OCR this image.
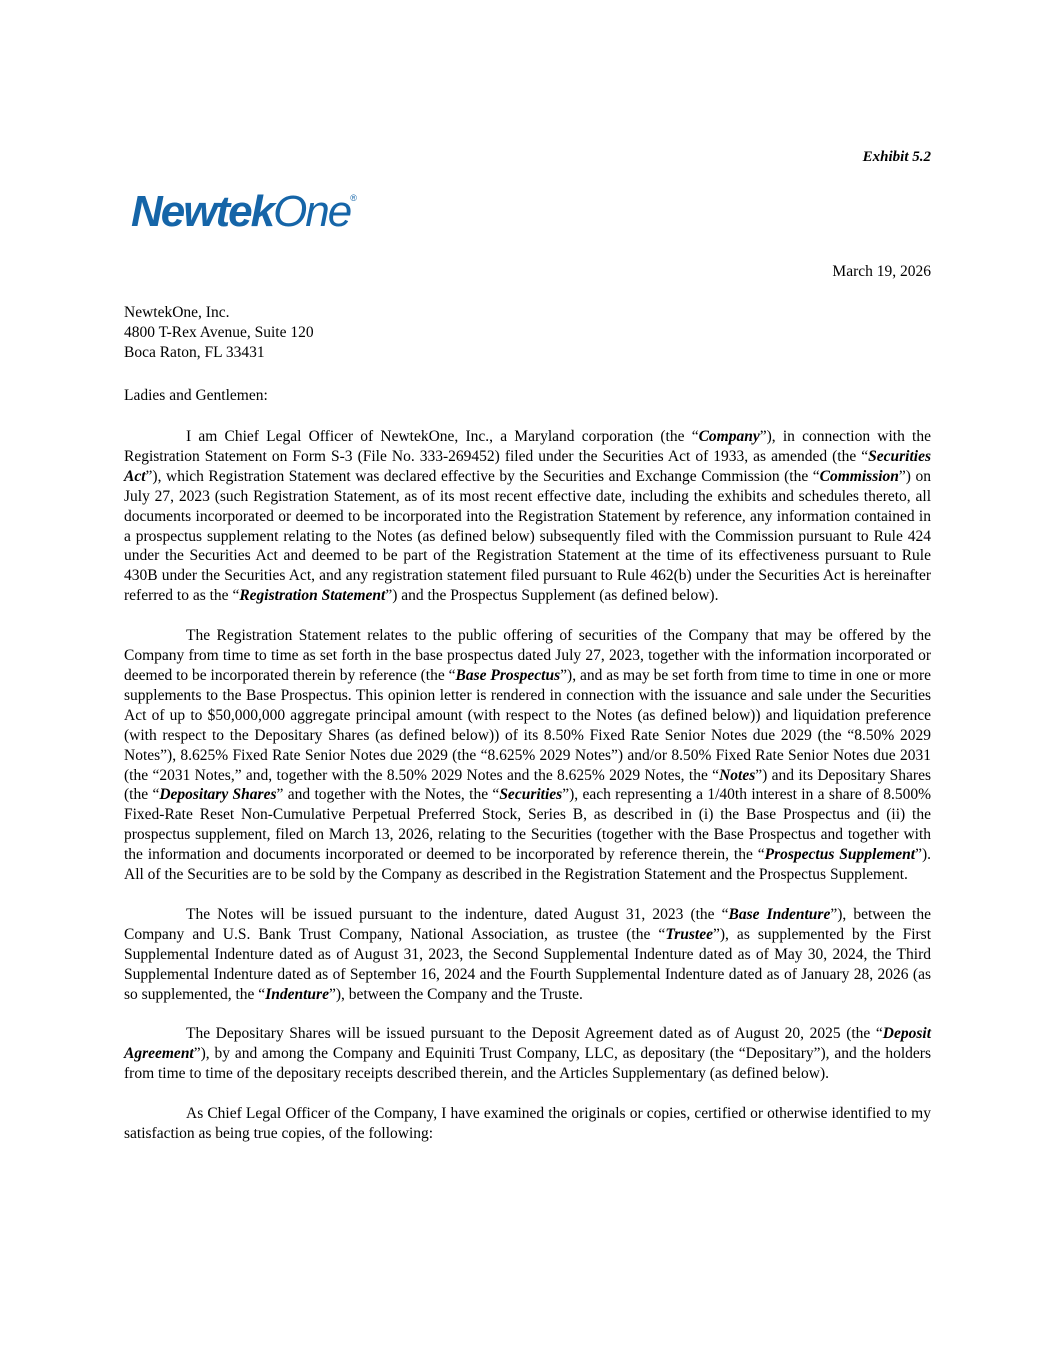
Exhibit 5.2
NewtekOne®
March 19, 2026
NewtekOne, Inc.
4800 T-Rex Avenue, Suite 120
Boca Raton, FL 33431
Ladies and Gentlemen:

I am Chief Legal Officer of NewtekOne, Inc., a Maryland corporation (the “Company”), in connection with the Registration Statement on Form S-3 (File No. 333-269452) filed under the Securities Act of 1933, as amended (the “Securities Act”), which Registration Statement was declared effective by the Securities and Exchange Commission (the “Commission”) on July 27, 2023 (such Registration Statement, as of its most recent effective date, including the exhibits and schedules thereto, all documents incorporated or deemed to be incorporated into the Registration Statement by reference, any information contained in a prospectus supplement relating to the Notes (as defined below) subsequently filed with the Commission pursuant to Rule 424 under the Securities Act and deemed to be part of the Registration Statement at the time of its effectiveness pursuant to Rule 430B under the Securities Act, and any registration statement filed pursuant to Rule 462(b) under the Securities Act is hereinafter referred to as the “Registration Statement”) and the Prospectus Supplement (as defined below).

The Registration Statement relates to the public offering of securities of the Company that may be offered by the Company from time to time as set forth in the base prospectus dated July 27, 2023, together with the information incorporated or deemed to be incorporated therein by reference (the “Base Prospectus”), and as may be set forth from time to time in one or more supplements to the Base Prospectus. This opinion letter is rendered in connection with the issuance and sale under the Securities Act of up to $50,000,000 aggregate principal amount (with respect to the Notes (as defined below)) and liquidation preference (with respect to the Depositary Shares (as defined below)) of its 8.50% Fixed Rate Senior Notes due 2029 (the “8.50% 2029 Notes”), 8.625% Fixed Rate Senior Notes due 2029 (the “8.625% 2029 Notes”) and/or 8.50% Fixed Rate Senior Notes due 2031 (the “2031 Notes,” and, together with the 8.50% 2029 Notes and the 8.625% 2029 Notes, the “Notes”) and its Depositary Shares (the “Depositary Shares” and together with the Notes, the “Securities”), each representing a 1/40th interest in a share of 8.500% Fixed-Rate Reset Non-Cumulative Perpetual Preferred Stock, Series B, as described in (i) the Base Prospectus and (ii) the prospectus supplement, filed on March 13, 2026, relating to the Securities (together with the Base Prospectus and together with the information and documents incorporated or deemed to be incorporated by reference therein, the “Prospectus Supplement”). All of the Securities are to be sold by the Company as described in the Registration Statement and the Prospectus Supplement.

The Notes will be issued pursuant to the indenture, dated August 31, 2023 (the “Base Indenture”), between the Company and U.S. Bank Trust Company, National Association, as trustee (the “Trustee”), as supplemented by the First Supplemental Indenture dated as of August 31, 2023, the Second Supplemental Indenture dated as of May 30, 2024, the Third Supplemental Indenture dated as of September 16, 2024 and the Fourth Supplemental Indenture dated as of January 28, 2026 (as so supplemented, the “Indenture”), between the Company and the Truste.

The Depositary Shares will be issued pursuant to the Deposit Agreement dated as of August 20, 2025 (the “Deposit Agreement”), by and among the Company and Equiniti Trust Company, LLC, as depositary (the “Depositary”), and the holders from time to time of the depositary receipts described therein, and the Articles Supplementary (as defined below).

As Chief Legal Officer of the Company, I have examined the originals or copies, certified or otherwise identified to my satisfaction as being true copies, of the following:
